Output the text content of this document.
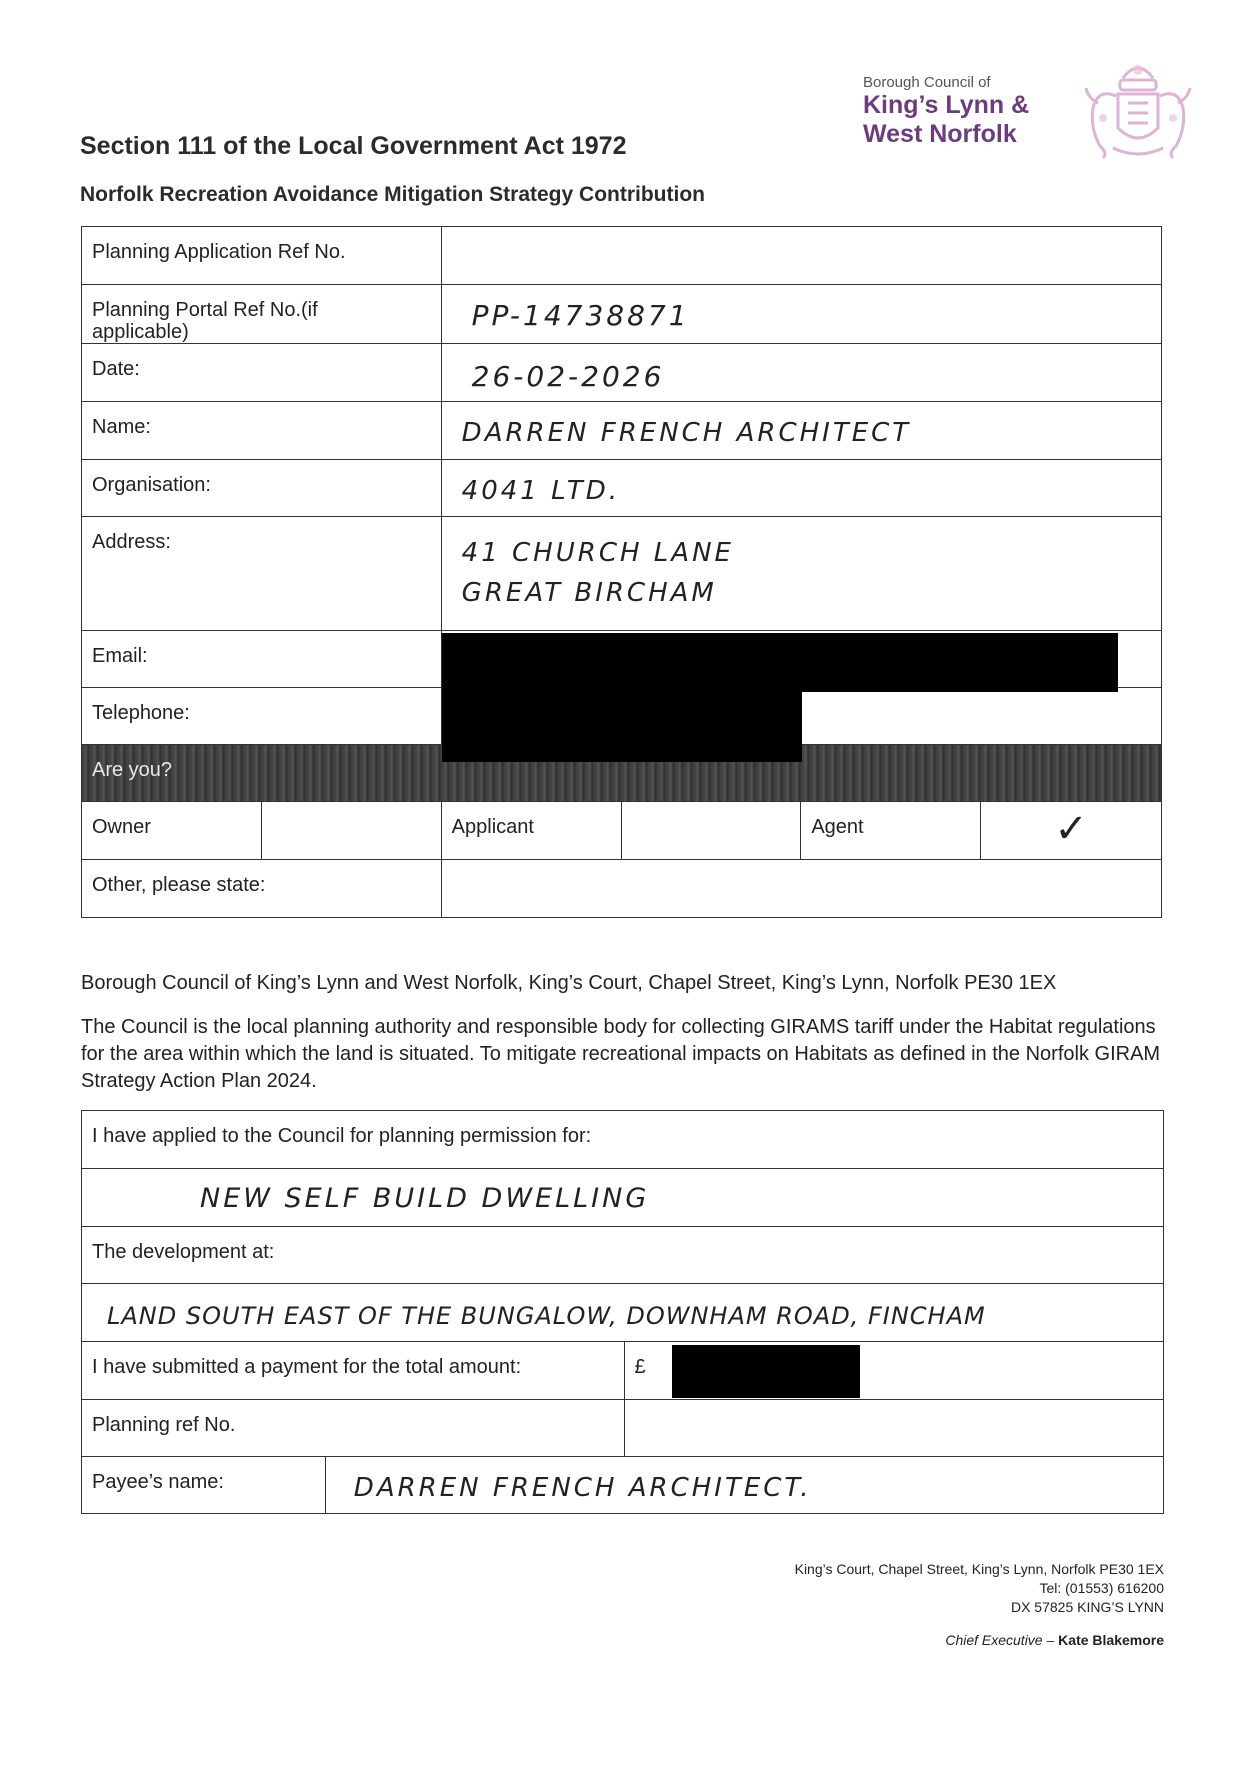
Section 111 of the Local Government Act 1972
Norfolk Recreation Avoidance Mitigation Strategy Contribution
Borough Council of
King’s Lynn &
West Norfolk
Planning Application Ref No.					

Planning Portal Ref No.(if
applicable)		PP-14738871			
Date:		26-02-2026			
Name:		DARREN FRENCH ARCHITECT			
Organisation:		4041 LTD.			
Address:		41 CHURCH LANE
GREAT BIRCHAM			

Email:					
Telephone:					
Are you?					
Owner		Applicant		Agent	✓
Other, please state:					
Borough Council of King’s Lynn and West Norfolk, King’s Court, Chapel Street, King’s Lynn, Norfolk PE30 1EX
The Council is the local planning authority and responsible body for collecting GIRAMS tariff under the Habitat regulations for the area within which the land is situated. To mitigate recreational impacts on Habitats as defined in the Norfolk GIRAM Strategy Action Plan 2024.
I have applied to the Council for planning permission for:		
NEW SELF BUILD DWELLING		
The development at:		
LAND SOUTH EAST OF THE BUNGALOW, DOWNHAM ROAD, FINCHAM		
I have submitted a payment for the total amount:		£
Planning ref No.		
Payee’s name:	DARREN FRENCH ARCHITECT.	
King’s Court, Chapel Street, King’s Lynn, Norfolk PE30 1EX
Tel: (01553) 616200
DX 57825 KING’S LYNN
Chief Executive – Kate Blakemore
